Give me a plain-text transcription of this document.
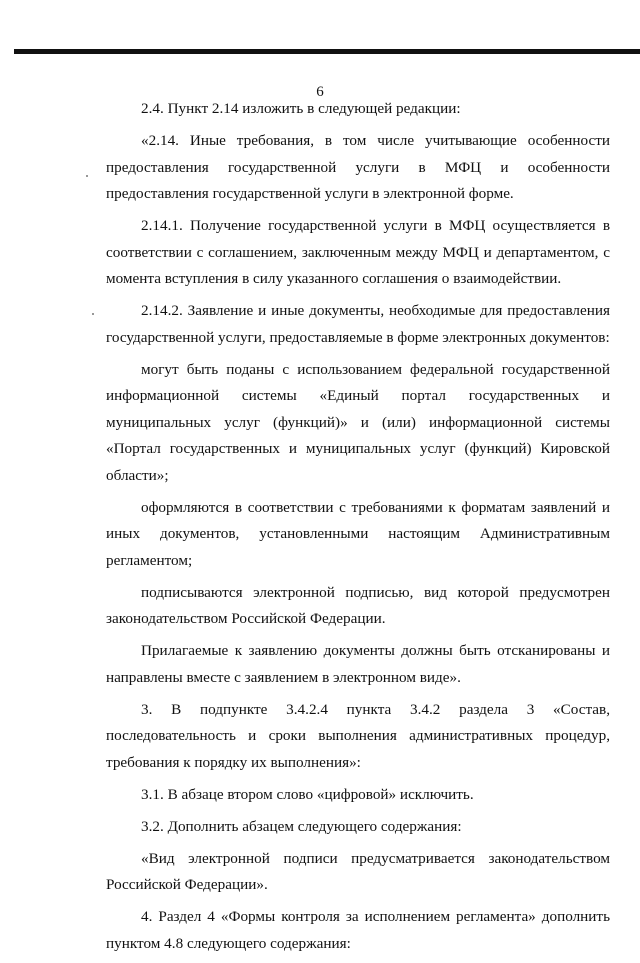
6

2.4. Пункт 2.14 изложить в следующей редакции:

«2.14. Иные требования, в том числе учитывающие особенности предоставления государственной услуги в МФЦ и особенности предоставления государственной услуги в электронной форме.

2.14.1. Получение государственной услуги в МФЦ осуществляется в соответствии с соглашением, заключенным между МФЦ и департаментом, с момента вступления в силу указанного соглашения о взаимодействии.

2.14.2. Заявление и иные документы, необходимые для предоставления государственной услуги, предоставляемые в форме электронных документов:

могут быть поданы с использованием федеральной государственной информационной системы «Единый портал государственных и муниципальных услуг (функций)» и (или) информационной системы «Портал государственных и муниципальных услуг (функций) Кировской области»;

оформляются в соответствии с требованиями к форматам заявлений и иных документов, установленными настоящим Административным регламентом;

подписываются электронной подписью, вид которой предусмотрен законодательством Российской Федерации.

Прилагаемые к заявлению документы должны быть отсканированы и направлены вместе с заявлением в электронном виде».

3. В подпункте 3.4.2.4 пункта 3.4.2 раздела 3 «Состав, последовательность и сроки выполнения административных процедур, требования к порядку их выполнения»:

3.1. В абзаце втором слово «цифровой» исключить.

3.2. Дополнить абзацем следующего содержания:

«Вид электронной подписи предусматривается законодательством Российской Федерации».

4. Раздел 4 «Формы контроля за исполнением регламента» дополнить пунктом 4.8 следующего содержания:
